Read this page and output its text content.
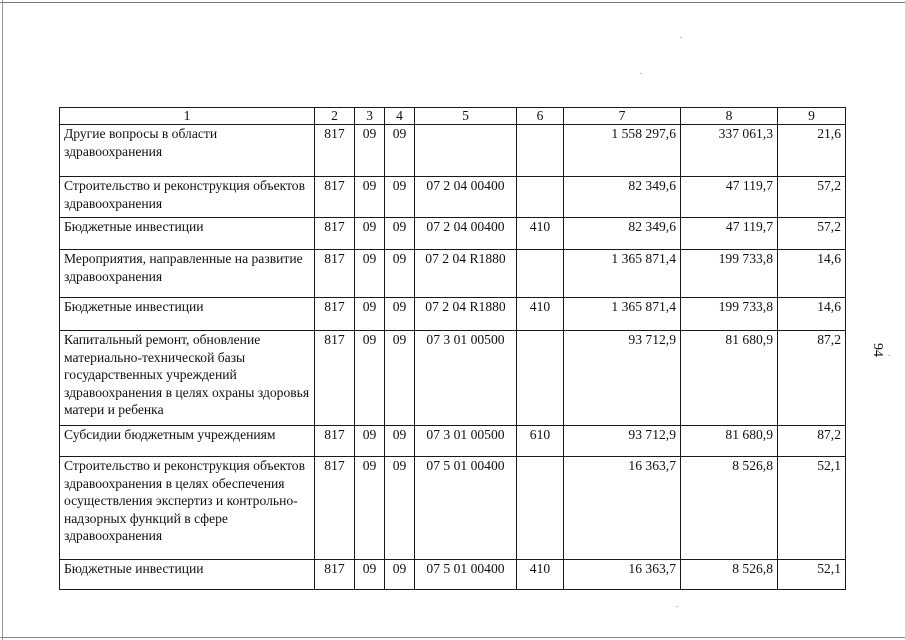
1	2	3	4	5	6	7	8	9
Другие вопросы в области здравоохранения	817	09	09			1 558 297,6	337 061,3	21,6
Строительство и реконструкция объектов здравоохранения	817	09	09	07 2 04 00400		82 349,6	47 119,7	57,2
Бюджетные инвестиции	817	09	09	07 2 04 00400	410	82 349,6	47 119,7	57,2
Мероприятия, направленные на развитие здравоохранения	817	09	09	07 2 04 R1880		1 365 871,4	199 733,8	14,6
Бюджетные инвестиции	817	09	09	07 2 04 R1880	410	1 365 871,4	199 733,8	14,6
Капитальный ремонт, обновление материально-технической базы государственных учреждений здравоохранения в целях охраны здоровья матери и ребенка	817	09	09	07 3 01 00500		93 712,9	81 680,9	87,2
Субсидии бюджетным учреждениям	817	09	09	07 3 01 00500	610	93 712,9	81 680,9	87,2
Строительство и реконструкция объектов здравоохранения в целях обеспечения осуществления экспертиз и контрольно-надзорных функций в сфере здравоохранения	817	09	09	07 5 01 00400		16 363,7	8 526,8	52,1
Бюджетные инвестиции	817	09	09	07 5 01 00400	410	16 363,7	8 526,8	52,1
94
